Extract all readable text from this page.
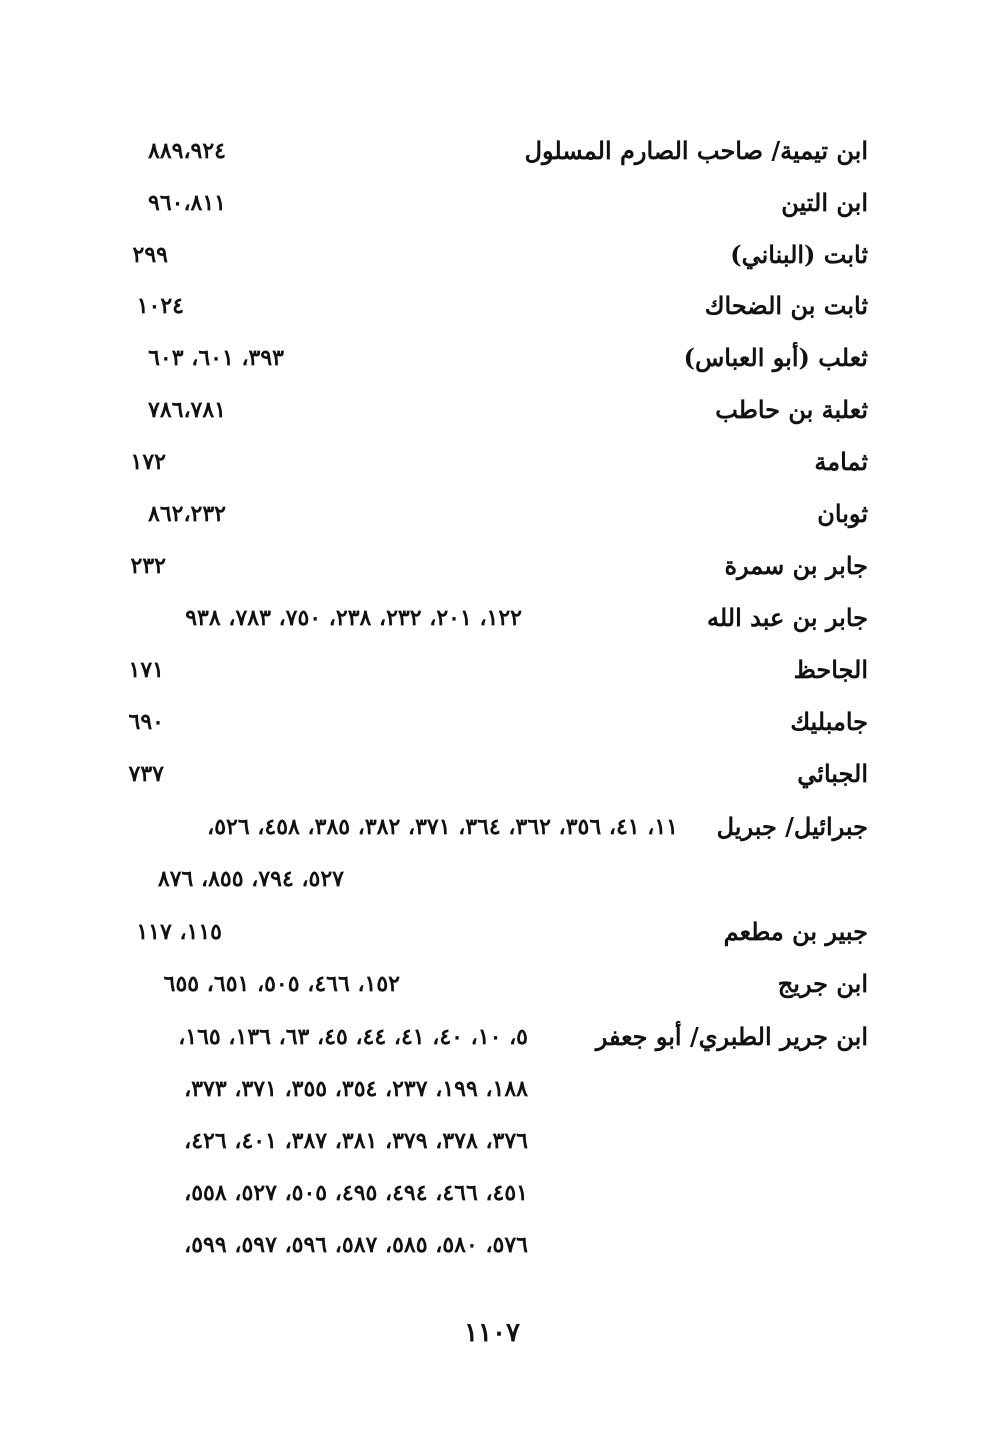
ابن تيمية/ صاحب الصارم المسلول
٨٨٩،٩٢٤
ابن التين
٩٦٠،٨١١
ثابت (البناني)
٢٩٩
ثابت بن الضحاك
١٠٢٤
ثعلب (أبو العباس)
٣٩٣، ٦٠١، ٦٠٣
ثعلبة بن حاطب
٧٨٦،٧٨١
ثمامة
١٧٢
ثوبان
٨٦٢،٢٣٢
جابر بن سمرة
٢٣٢
جابر بن عبد الله
١٢٢، ٢٠١، ٢٣٢، ٢٣٨، ٧٥٠، ٧٨٣، ٩٣٨
الجاحظ
١٧١
جامبليك
٦٩٠
الجبائي
٧٣٧
جبرائيل/ جبريل
١١، ٤١، ٣٥٦، ٣٦٢، ٣٦٤، ٣٧١، ٣٨٢، ٣٨٥، ٤٥٨، ٥٢٦،
٥٢٧، ٧٩٤، ٨٥٥، ٨٧٦
جبير بن مطعم
١١٥، ١١٧
ابن جريج
١٥٢، ٤٦٦، ٥٠٥، ٦٥١، ٦٥٥
ابن جرير الطبري/ أبو جعفر
٥، ١٠، ٤٠، ٤١، ٤٤، ٤٥، ٦٣، ١٣٦، ١٦٥،
١٨٨، ١٩٩، ٢٣٧، ٣٥٤، ٣٥٥، ٣٧١، ٣٧٣،
٣٧٦، ٣٧٨، ٣٧٩، ٣٨١، ٣٨٧، ٤٠١، ٤٢٦،
٤٥١، ٤٦٦، ٤٩٤، ٤٩٥، ٥٠٥، ٥٢٧، ٥٥٨،
٥٧٦، ٥٨٠، ٥٨٥، ٥٨٧، ٥٩٦، ٥٩٧، ٥٩٩،
١١٠٧
